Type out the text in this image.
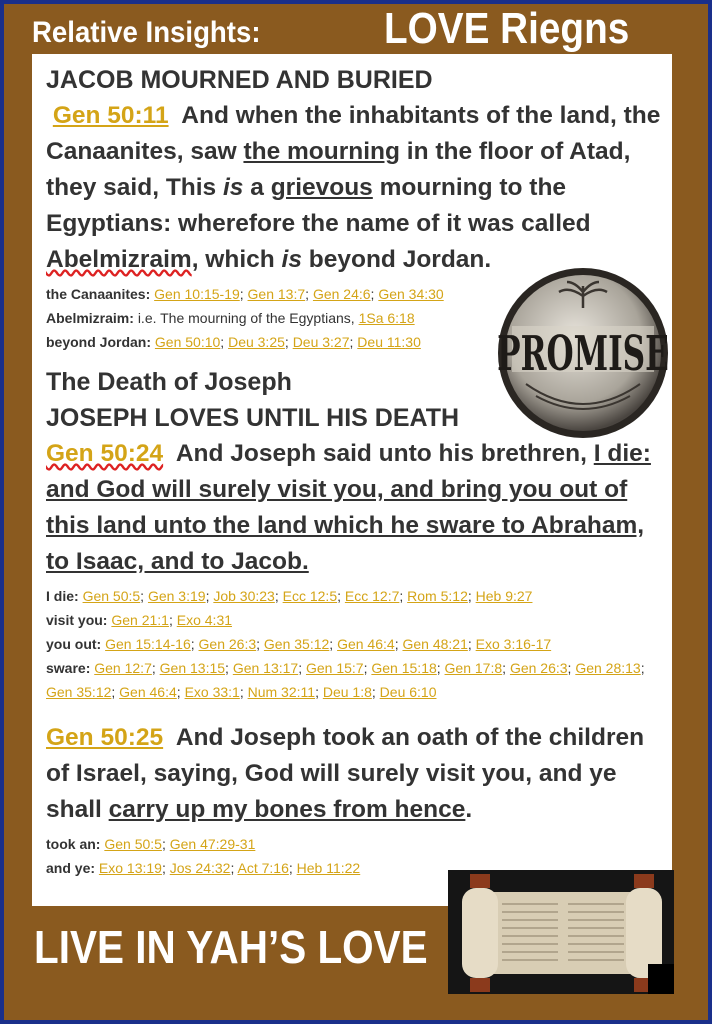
Relative Insights:	LOVE Riegns

JACOB MOURNED AND BURIED

Gen 50:11 And when the inhabitants of the land, the Canaanites, saw the mourning in the floor of Atad, they said, This is a grievous mourning to the Egyptians: wherefore the name of it was called Abelmizraim, which is beyond Jordan.

the Canaanites: Gen 10:15-19; Gen 13:7; Gen 24:6; Gen 34:30

Abelmizraim: i.e. The mourning of the Egyptians, 1Sa 6:18

beyond Jordan: Gen 50:10; Deu 3:25; Deu 3:27; Deu 11:30

The Death of Joseph

JOSEPH LOVES UNTIL HIS DEATH

Gen 50:24 And Joseph said unto his brethren, I die: and God will surely visit you, and bring you out of this land unto the land which he sware to Abraham, to Isaac, and to Jacob.

I die: Gen 50:5; Gen 3:19; Job 30:23; Ecc 12:5; Ecc 12:7; Rom 5:12; Heb 9:27

visit you: Gen 21:1; Exo 4:31

you out: Gen 15:14-16; Gen 26:3; Gen 35:12; Gen 46:4; Gen 48:21; Exo 3:16-17

sware: Gen 12:7; Gen 13:15; Gen 13:17; Gen 15:7; Gen 15:18; Gen 17:8; Gen 26:3; Gen 28:13; Gen 35:12; Gen 46:4; Exo 33:1; Num 32:11; Deu 1:8; Deu 6:10

Gen 50:25 And Joseph took an oath of the children of Israel, saying, God will surely visit you, and ye shall carry up my bones from hence.

took an: Gen 50:5; Gen 47:29-31

and ye: Exo 13:19; Jos 24:32; Act 7:16; Heb 11:22

PROMISE
LIVE IN YAH’S LOVE
